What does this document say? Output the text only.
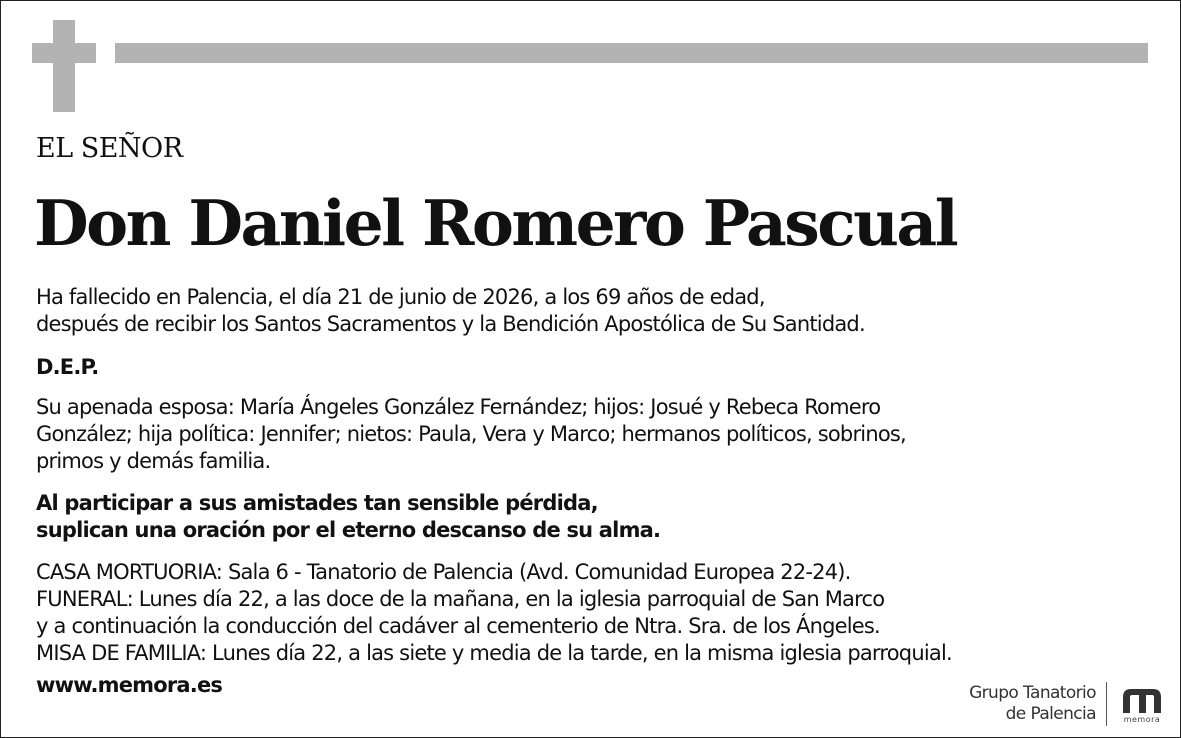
EL SEÑOR
Don Daniel Romero Pascual
Ha fallecido en Palencia, el día 21 de junio de 2026, a los 69 años de edad,
después de recibir los Santos Sacramentos y la Bendición Apostólica de Su Santidad.
D.E.P.
Su apenada esposa: María Ángeles González Fernández; hijos: Josué y Rebeca Romero
González; hija política: Jennifer; nietos: Paula, Vera y Marco; hermanos políticos, sobrinos,
primos y demás familia.
Al participar a sus amistades tan sensible pérdida,
suplican una oración por el eterno descanso de su alma.
CASA MORTUORIA: Sala 6 - Tanatorio de Palencia (Avd. Comunidad Europea 22-24).
FUNERAL: Lunes día 22, a las doce de la mañana, en la iglesia parroquial de San Marco
y a continuación la conducción del cadáver al cementerio de Ntra. Sra. de los Ángeles.
MISA DE FAMILIA: Lunes día 22, a las siete y media de la tarde, en la misma iglesia parroquial.
www.memora.es	Grupo Tanatorio
de Palencia	memora
